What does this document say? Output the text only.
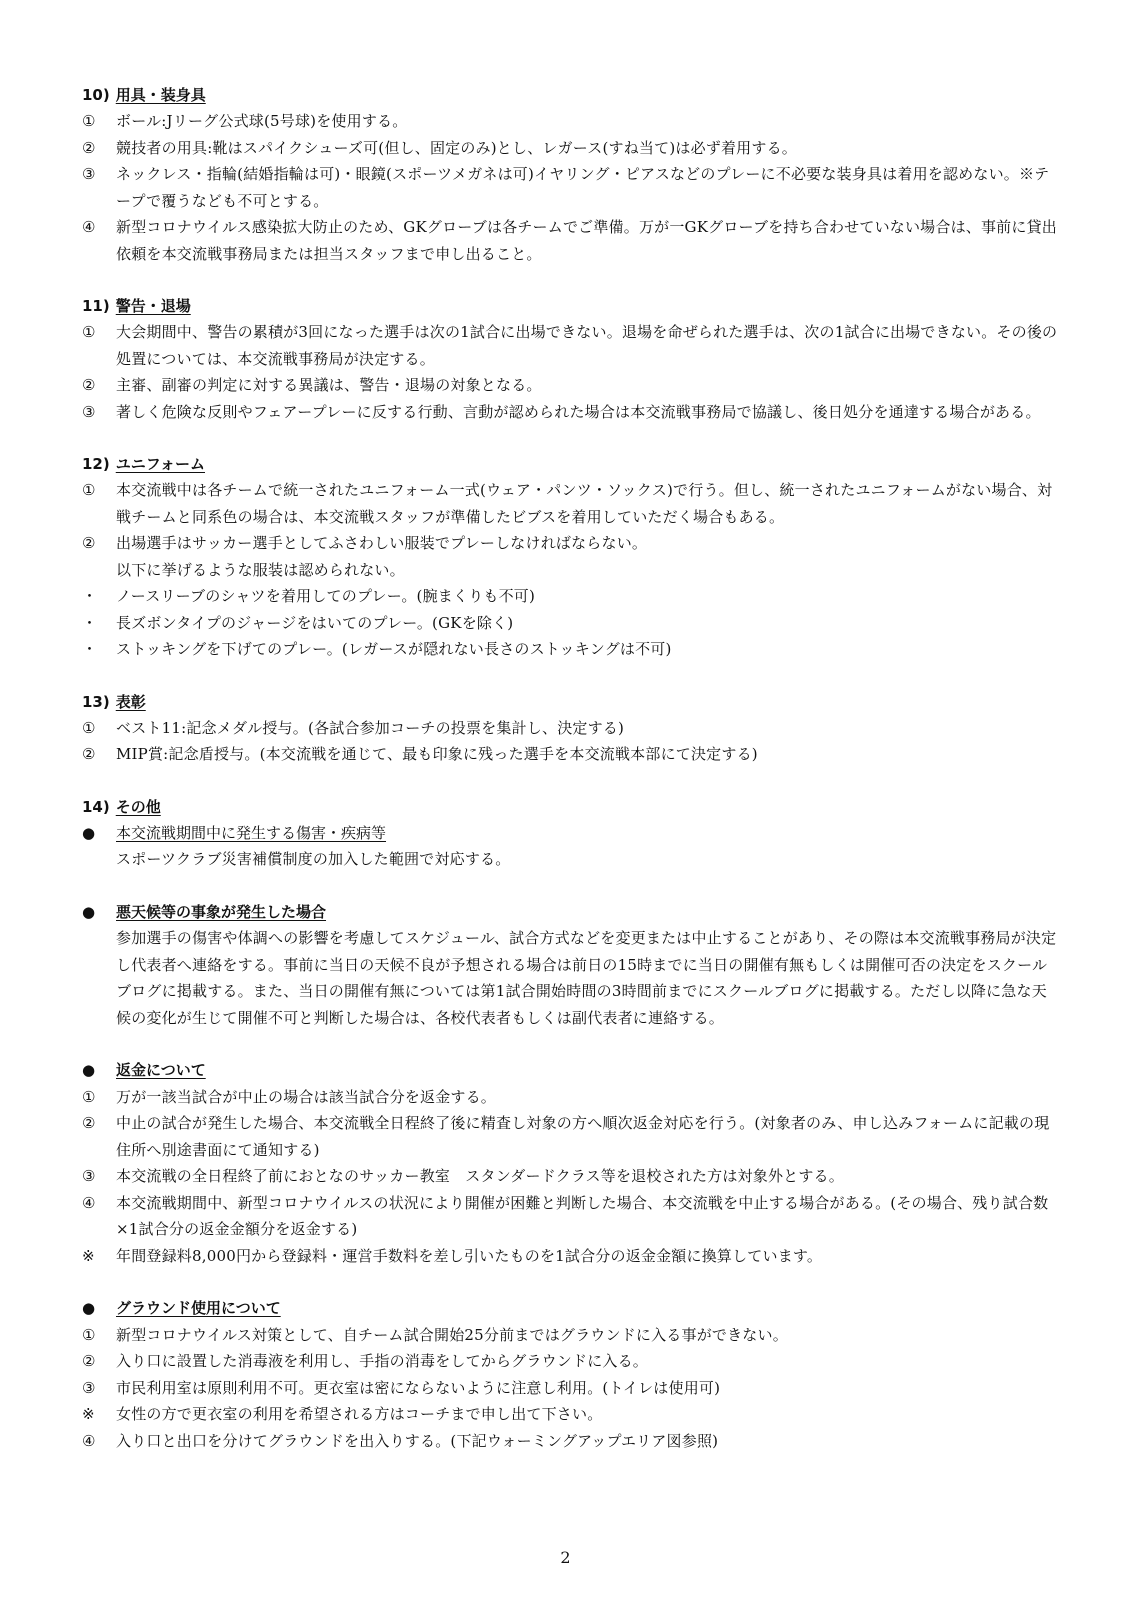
10) 用具・装身具
①	ボール:Jリーグ公式球(5号球)を使用する。
②	競技者の用具:靴はスパイクシューズ可(但し、固定のみ)とし、レガース(すね当て)は必ず着用する。
③	ネックレス・指輪(結婚指輪は可)・眼鏡(スポーツメガネは可)イヤリング・ピアスなどのプレーに不必要な装身具は着用を認めない。※テープで覆うなども不可とする。
④	新型コロナウイルス感染拡大防止のため、GKグローブは各チームでご準備。万が一GKグローブを持ち合わせていない場合は、事前に貸出依頼を本交流戦事務局または担当スタッフまで申し出ること。
11) 警告・退場
①	大会期間中、警告の累積が3回になった選手は次の1試合に出場できない。退場を命ぜられた選手は、次の1試合に出場できない。その後の処置については、本交流戦事務局が決定する。
②	主審、副審の判定に対する異議は、警告・退場の対象となる。
③	著しく危険な反則やフェアープレーに反する行動、言動が認められた場合は本交流戦事務局で協議し、後日処分を通達する場合がある。
12) ユニフォーム
①	本交流戦中は各チームで統一されたユニフォーム一式(ウェア・パンツ・ソックス)で行う。但し、統一されたユニフォームがない場合、対戦チームと同系色の場合は、本交流戦スタッフが準備したビブスを着用していただく場合もある。
②	出場選手はサッカー選手としてふさわしい服装でプレーしなければならない。
以下に挙げるような服装は認められない。
・	ノースリーブのシャツを着用してのプレー。(腕まくりも不可)
・	長ズボンタイプのジャージをはいてのプレー。(GKを除く)
・	ストッキングを下げてのプレー。(レガースが隠れない長さのストッキングは不可)
13) 表彰
①	ベスト11:記念メダル授与。(各試合参加コーチの投票を集計し、決定する)
②	MIP賞:記念盾授与。(本交流戦を通じて、最も印象に残った選手を本交流戦本部にて決定する)
14) その他
●	本交流戦期間中に発生する傷害・疾病等
スポーツクラブ災害補償制度の加入した範囲で対応する。
●	悪天候等の事象が発生した場合
参加選手の傷害や体調への影響を考慮してスケジュール、試合方式などを変更または中止することがあり、その際は本交流戦事務局が決定し代表者へ連絡をする。事前に当日の天候不良が予想される場合は前日の15時までに当日の開催有無もしくは開催可否の決定をスクールブログに掲載する。また、当日の開催有無については第1試合開始時間の3時間前までにスクールブログに掲載する。ただし以降に急な天候の変化が生じて開催不可と判断した場合は、各校代表者もしくは副代表者に連絡する。
●	返金について
①	万が一該当試合が中止の場合は該当試合分を返金する。
②	中止の試合が発生した場合、本交流戦全日程終了後に精査し対象の方へ順次返金対応を行う。(対象者のみ、申し込みフォームに記載の現住所へ別途書面にて通知する)
③	本交流戦の全日程終了前におとなのサッカー教室　スタンダードクラス等を退校された方は対象外とする。
④	本交流戦期間中、新型コロナウイルスの状況により開催が困難と判断した場合、本交流戦を中止する場合がある。(その場合、残り試合数×1試合分の返金金額分を返金する)
※	年間登録料8,000円から登録料・運営手数料を差し引いたものを1試合分の返金金額に換算しています。
●	グラウンド使用について
①	新型コロナウイルス対策として、自チーム試合開始25分前まではグラウンドに入る事ができない。
②	入り口に設置した消毒液を利用し、手指の消毒をしてからグラウンドに入る。
③	市民利用室は原則利用不可。更衣室は密にならないように注意し利用。(トイレは使用可)
※	女性の方で更衣室の利用を希望される方はコーチまで申し出て下さい。
④	入り口と出口を分けてグラウンドを出入りする。(下記ウォーミングアップエリア図参照)
2
